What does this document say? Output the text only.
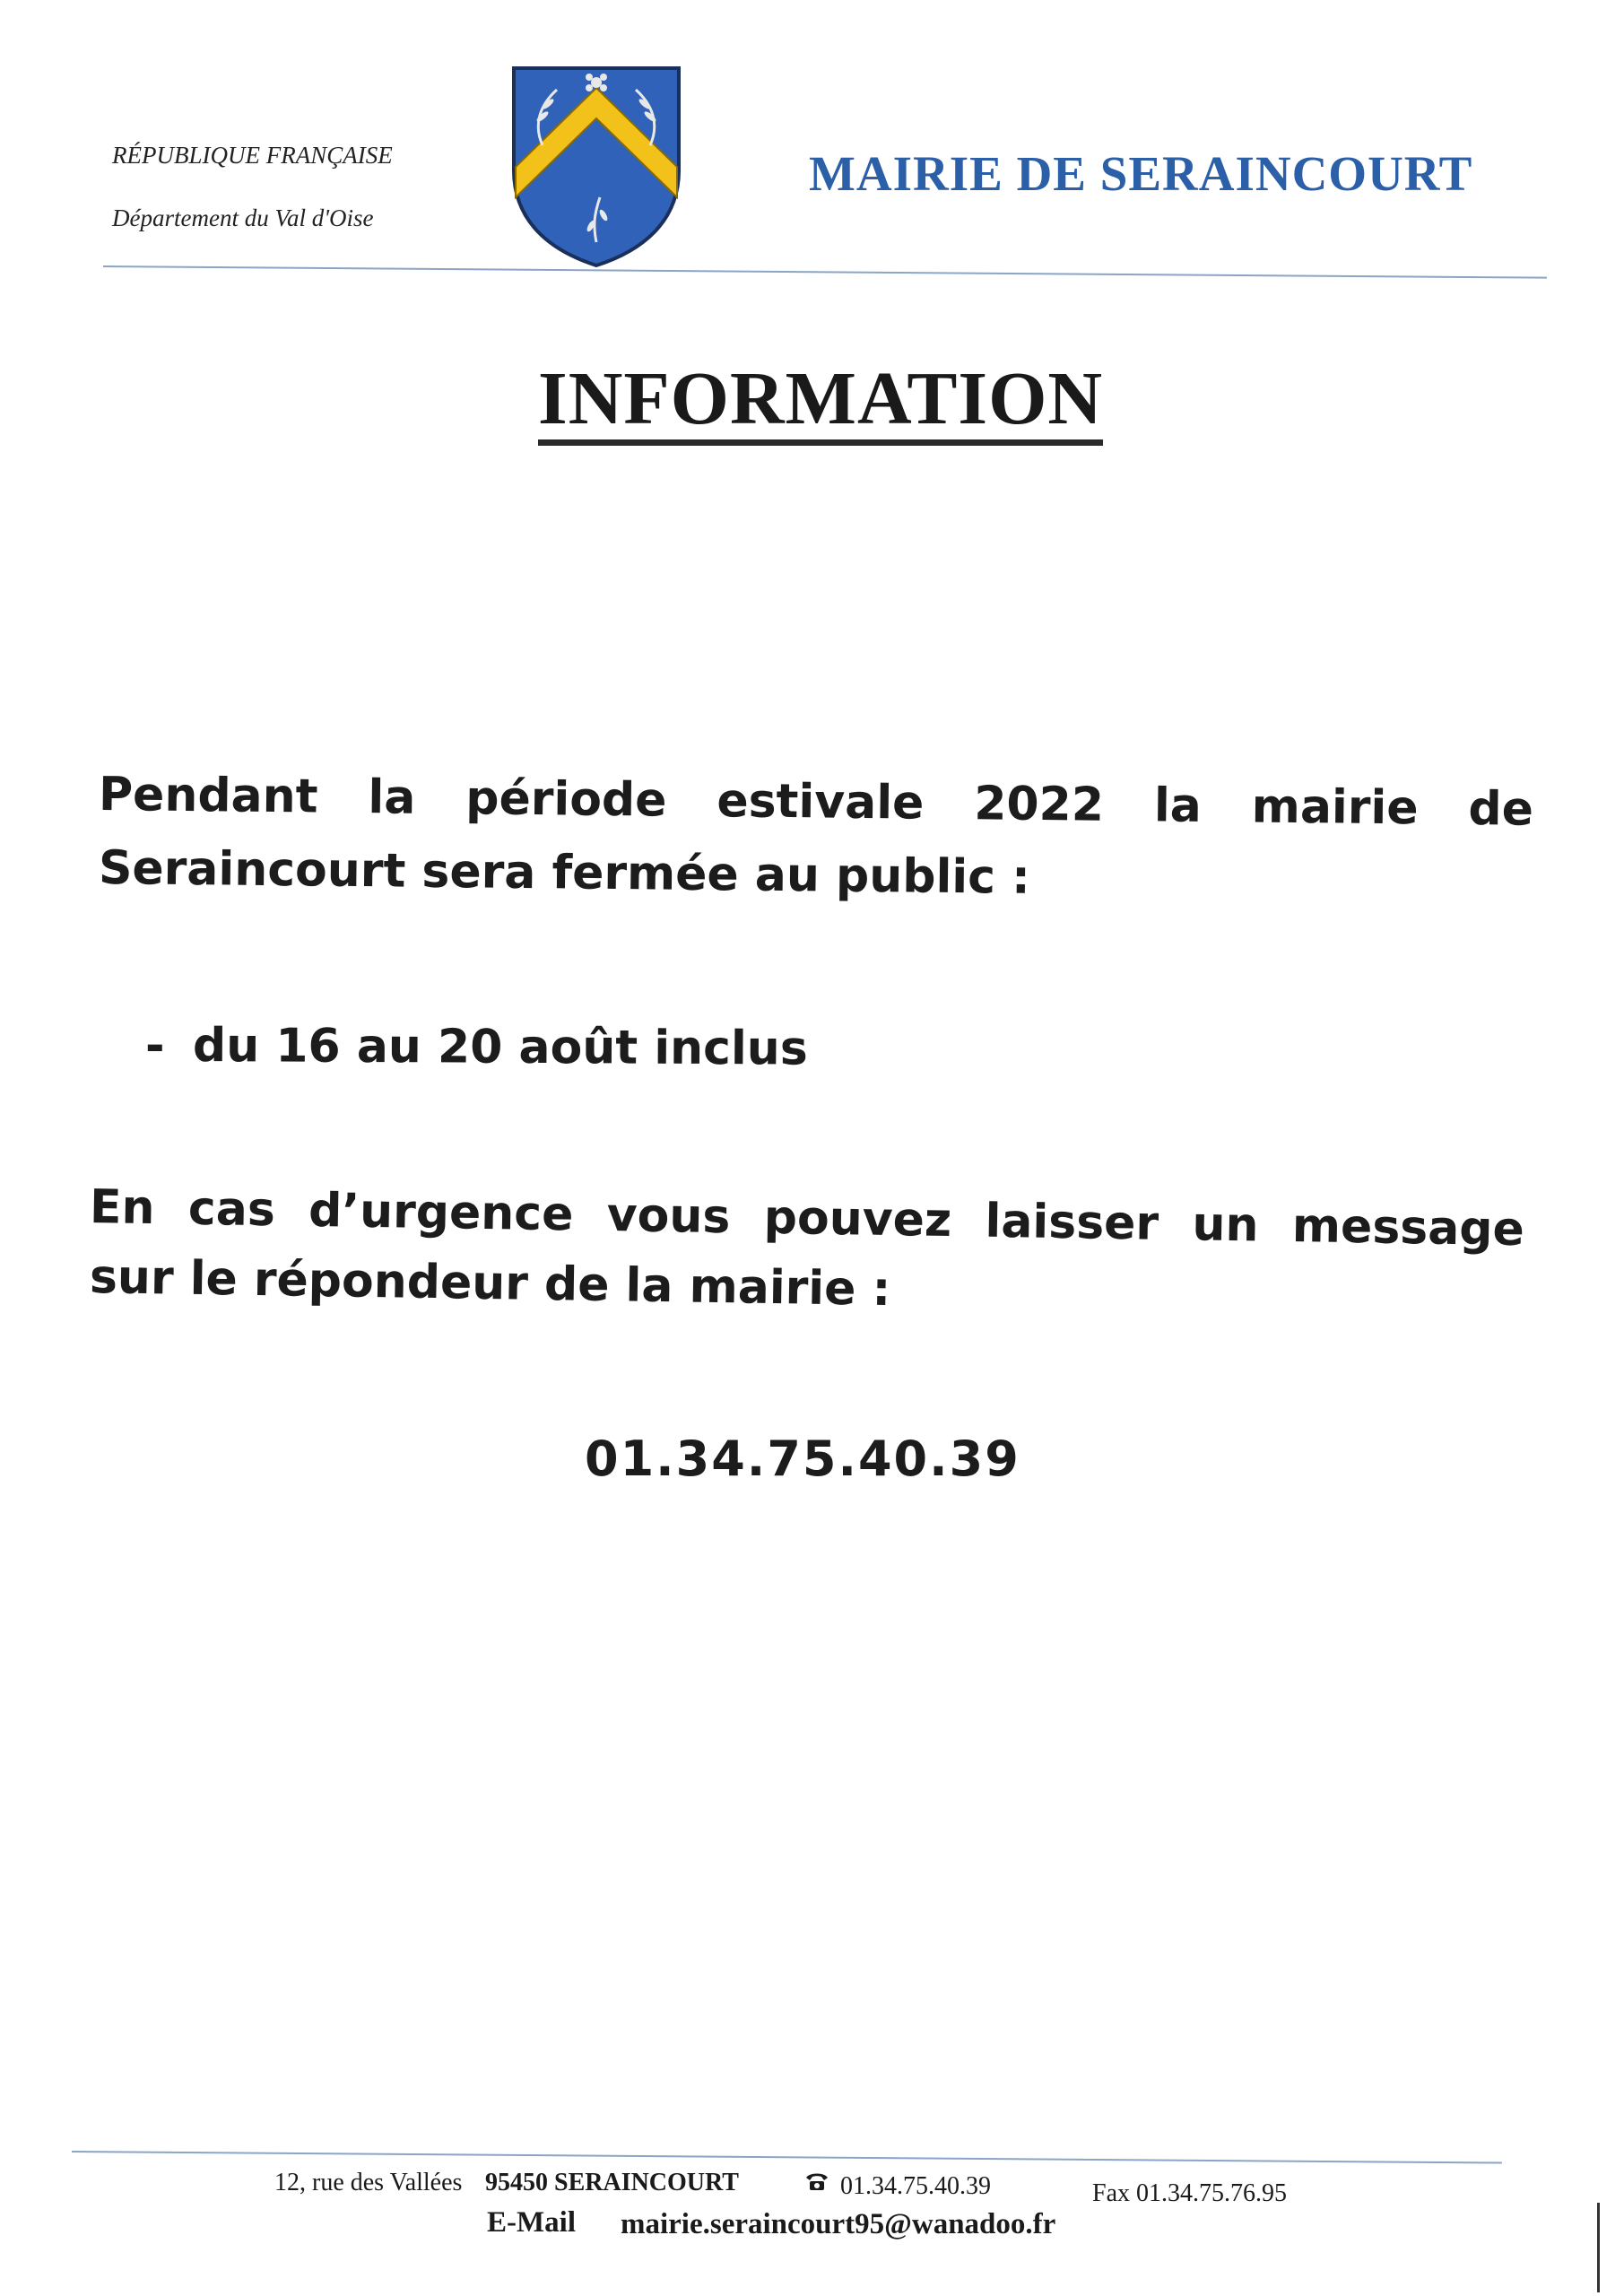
RÉPUBLIQUE FRANÇAISE
Département du Val d'Oise
MAIRIE DE SERAINCOURT
INFORMATION
Pendant la période estivale 2022 la mairie de
Seraincourt sera fermée au public :
- du 16 au 20 août inclus
En cas d’urgence vous pouvez laisser un message
sur le répondeur de la mairie :
01.34.75.40.39
12, rue des Vallées 95450 SERAINCOURT	01.34.75.40.39	Fax 01.34.75.76.95
E-Mail mairie.seraincourt95@wanadoo.fr
